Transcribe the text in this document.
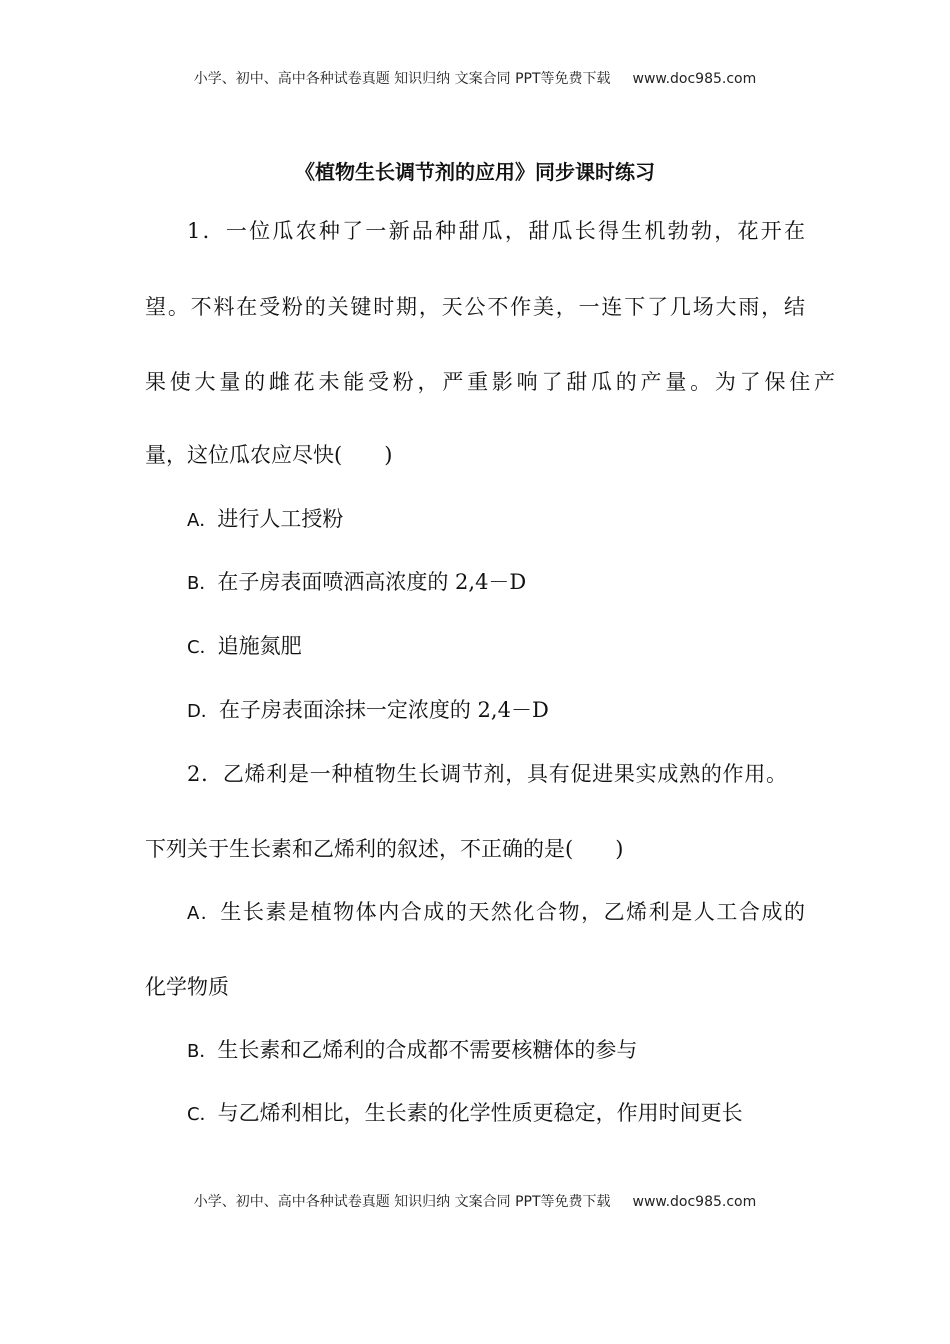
小学、初中、高中各种试卷真题 知识归纳 文案合同 PPT等免费下载 www.doc985.com
《植物生长调节剂的应用》同步课时练习
1．一位瓜农种了一新品种甜瓜，甜瓜长得生机勃勃，花开在
望。不料在受粉的关键时期，天公不作美，一连下了几场大雨，结
果使大量的雌花未能受粉，严重影响了甜瓜的产量。为了保住产
量，这位瓜农应尽快(　　)
A．进行人工授粉
B．在子房表面喷洒高浓度的 2,4－D
C．追施氮肥
D．在子房表面涂抹一定浓度的 2,4－D
2．乙烯利是一种植物生长调节剂，具有促进果实成熟的作用。
下列关于生长素和乙烯利的叙述，不正确的是(　　)
A．生长素是植物体内合成的天然化合物，乙烯利是人工合成的
化学物质
B．生长素和乙烯利的合成都不需要核糖体的参与
C．与乙烯利相比，生长素的化学性质更稳定，作用时间更长
小学、初中、高中各种试卷真题 知识归纳 文案合同 PPT等免费下载 www.doc985.com
